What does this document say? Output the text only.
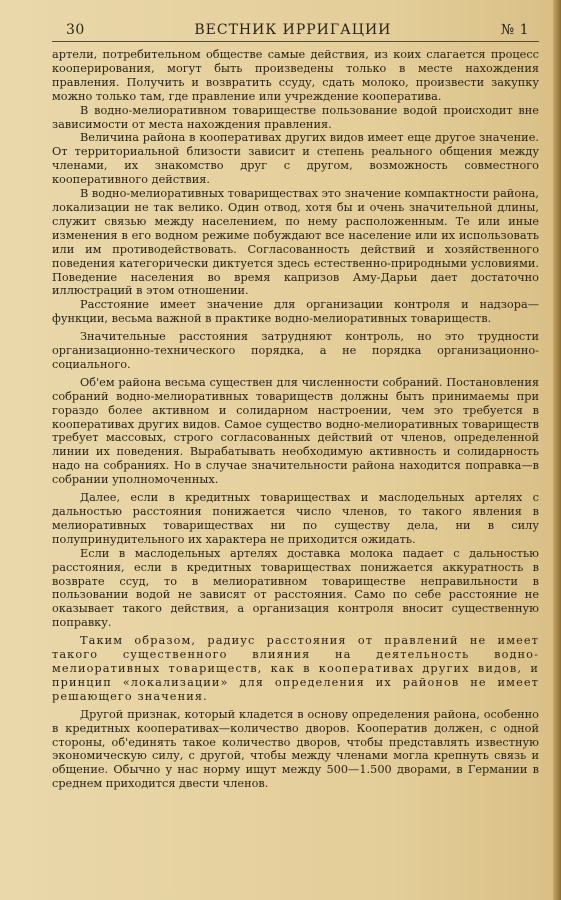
30	ВЕСТНИК ИРРИГАЦИИ	№ 1

артели, потребительном обществе самые действия, из коих слагается процесс кооперирования, могут быть произведены только в месте нахождения правления. Получить и возвратить ссуду, сдать молоко, произвести закупку можно только там, где правление или учреждение кооператива.

В водно-мелиоративном товариществе пользование водой происходит вне зависимости от места нахождения правления.

Величина района в кооперативах других видов имеет еще другое значение. От территориальной близости зависит и степень реального общения между членами, их знакомство друг с другом, возможность совместного кооперативного действия.

В водно-мелиоративных товариществах это значение компактности района, локализации не так велико. Один отвод, хотя бы и очень значительной длины, служит связью между населением, по нему расположенным. Те или иные изменения в его водном режиме побуждают все население или их использовать или им противодействовать. Согласованность действий и хозяйственного поведения категорически диктуется здесь естественно-природными условиями. Поведение населения во время капризов Аму-Дарьи дает достаточно иллюстраций в этом отношении.

Расстояние имеет значение для организации контроля и надзора—функции, весьма важной в практике водно-мелиоративных товариществ.

Значительные расстояния затрудняют контроль, но это трудности организационно-технического порядка, а не порядка организационно-социального.

Об'ем района весьма существен для численности собраний. Постановления собраний водно-мелиоративных товариществ должны быть принимаемы при гораздо более активном и солидарном настроении, чем это требуется в кооперативах других видов. Самое существо водно-мелиоративных товариществ требует массовых, строго согласованных действий от членов, определенной линии их поведения. Вырабатывать необходимую активность и солидарность надо на собраниях. Но в случае значительности района находится поправка—в собрании уполномоченных.

Далее, если в кредитных товариществах и маслодельных артелях с дальностью расстояния понижается число членов, то такого явления в мелиоративных товариществах ни по существу дела, ни в силу полупринудительного их характера не приходится ожидать.

Если в маслодельных артелях доставка молока падает с дальностью расстояния, если в кредитных товариществах понижается аккуратность в возврате ссуд, то в мелиоративном товариществе неправильности в пользовании водой не зависят от расстояния. Само по себе расстояние не оказывает такого действия, а организация контроля вносит существенную поправку.

Таким образом, радиус расстояния от правлений не имеет такого существенного влияния на деятельность водно-мелиоративных товариществ, как в кооперативах других видов, и принцип «локализации» для определения их районов не имеет решающего значения.

Другой признак, который кладется в основу определения района, особенно в кредитных кооперативах—количество дворов. Кооператив должен, с одной стороны, об'единять такое количество дворов, чтобы представлять известную экономическую силу, с другой, чтобы между членами могла крепнуть связь и общение. Обычно у нас норму ищут между 500—1.500 дворами, в Германии в среднем приходится двести членов.
